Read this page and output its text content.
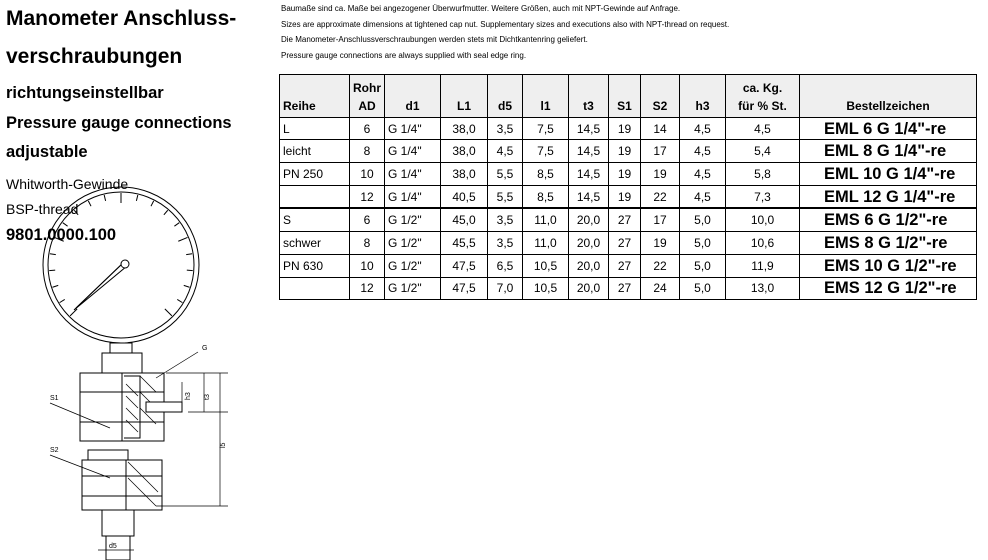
G
S1
S2
h3 t3
l5
d5
Manometer Anschluss-
verschraubungen
richtungseinstellbar
Pressure gauge connections
adjustable
Whitworth-Gewinde
BSP-thread
9801.0000.100
Baumaße sind ca. Maße bei angezogener Überwurfmutter. Weitere Größen, auch mit NPT-Gewinde auf Anfrage.
Sizes are approximate dimensions at tightened cap nut. Supplementary sizes and executions also with NPT-thread on request.
Die Manometer-Anschlussverschraubungen werden stets mit Dichtkantenring geliefert.
Pressure gauge connections are always supplied with seal edge ring.
	Rohr									ca. Kg.	
Reihe	AD	d1	L1	d5	l1	t3	S1	S2	h3	für % St.	Bestellzeichen
L	6	G 1/4"	38,0	3,5	7,5	14,5	19	14	4,5	4,5	EML 6 G 1/4"-re
leicht	8	G 1/4"	38,0	4,5	7,5	14,5	19	17	4,5	5,4	EML 8 G 1/4"-re
PN 250	10	G 1/4"	38,0	5,5	8,5	14,5	19	19	4,5	5,8	EML 10 G 1/4"-re
	12	G 1/4"	40,5	5,5	8,5	14,5	19	22	4,5	7,3	EML 12 G 1/4"-re
S	6	G 1/2"	45,0	3,5	11,0	20,0	27	17	5,0	10,0	EMS 6 G 1/2"-re
schwer	8	G 1/2"	45,5	3,5	11,0	20,0	27	19	5,0	10,6	EMS 8 G 1/2"-re
PN 630	10	G 1/2"	47,5	6,5	10,5	20,0	27	22	5,0	11,9	EMS 10 G 1/2"-re
	12	G 1/2"	47,5	7,0	10,5	20,0	27	24	5,0	13,0	EMS 12 G 1/2"-re
